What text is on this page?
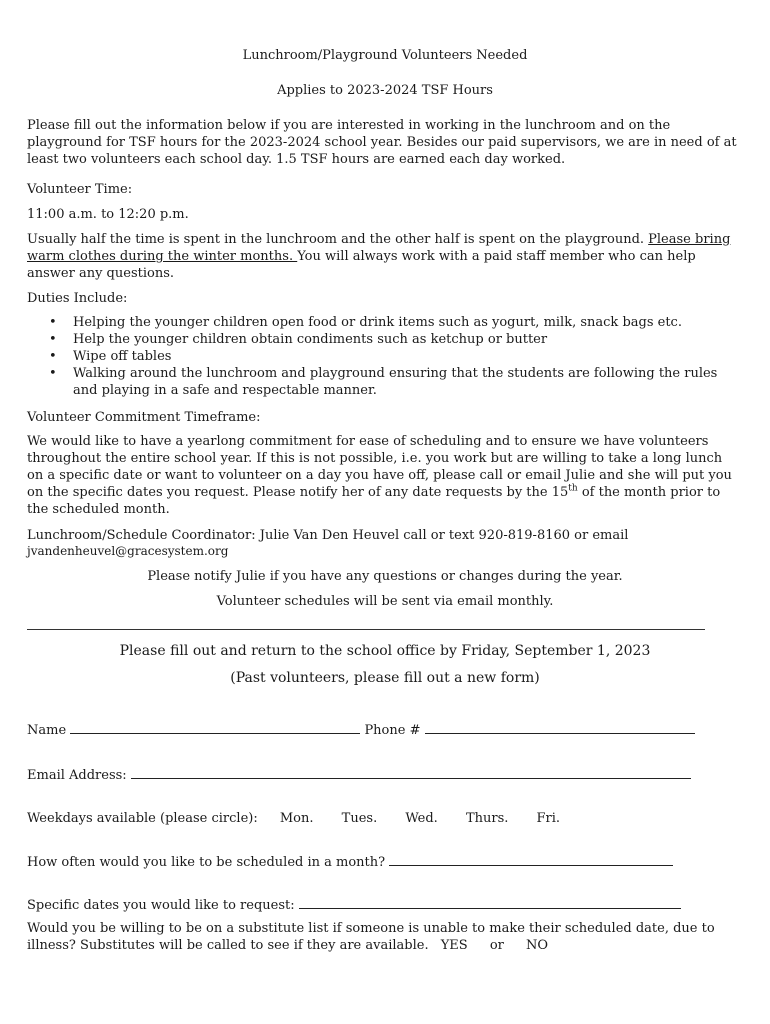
Lunchroom/Playground Volunteers Needed
Applies to 2023-2024 TSF Hours
Please fill out the information below if you are interested in working in the lunchroom and on the playground for TSF hours for the 2023-2024 school year. Besides our paid supervisors, we are in need of at least two volunteers each school day. 1.5 TSF hours are earned each day worked.
Volunteer Time:
11:00 a.m. to 12:20 p.m.
Usually half the time is spent in the lunchroom and the other half is spent on the playground. Please bring warm clothes during the winter months. You will always work with a paid staff member who can help answer any questions.
Duties Include:
• Helping the younger children open food or drink items such as yogurt, milk, snack bags etc.
• Help the younger children obtain condiments such as ketchup or butter
• Wipe off tables
• Walking around the lunchroom and playground ensuring that the students are following the rules and playing in a safe and respectable manner.
Volunteer Commitment Timeframe:
We would like to have a yearlong commitment for ease of scheduling and to ensure we have volunteers throughout the entire school year. If this is not possible, i.e. you work but are willing to take a long lunch on a specific date or want to volunteer on a day you have off, please call or email Julie and she will put you on the specific dates you request. Please notify her of any date requests by the 15th of the month prior to the scheduled month.
Lunchroom/Schedule Coordinator: Julie Van Den Heuvel call or text 920-819-8160 or email
jvandenheuvel@gracesystem.org
Please notify Julie if you have any questions or changes during the year.
Volunteer schedules will be sent via email monthly.
Please fill out and return to the school office by Friday, September 1, 2023
(Past volunteers, please fill out a new form)
Name	Phone #
Email Address:
Weekdays available (please circle): Mon. Tues. Wed. Thurs. Fri.
How often would you like to be scheduled in a month?
Specific dates you would like to request:
Would you be willing to be on a substitute list if someone is unable to make their scheduled date, due to illness? Substitutes will be called to see if they are available. YES or NO
